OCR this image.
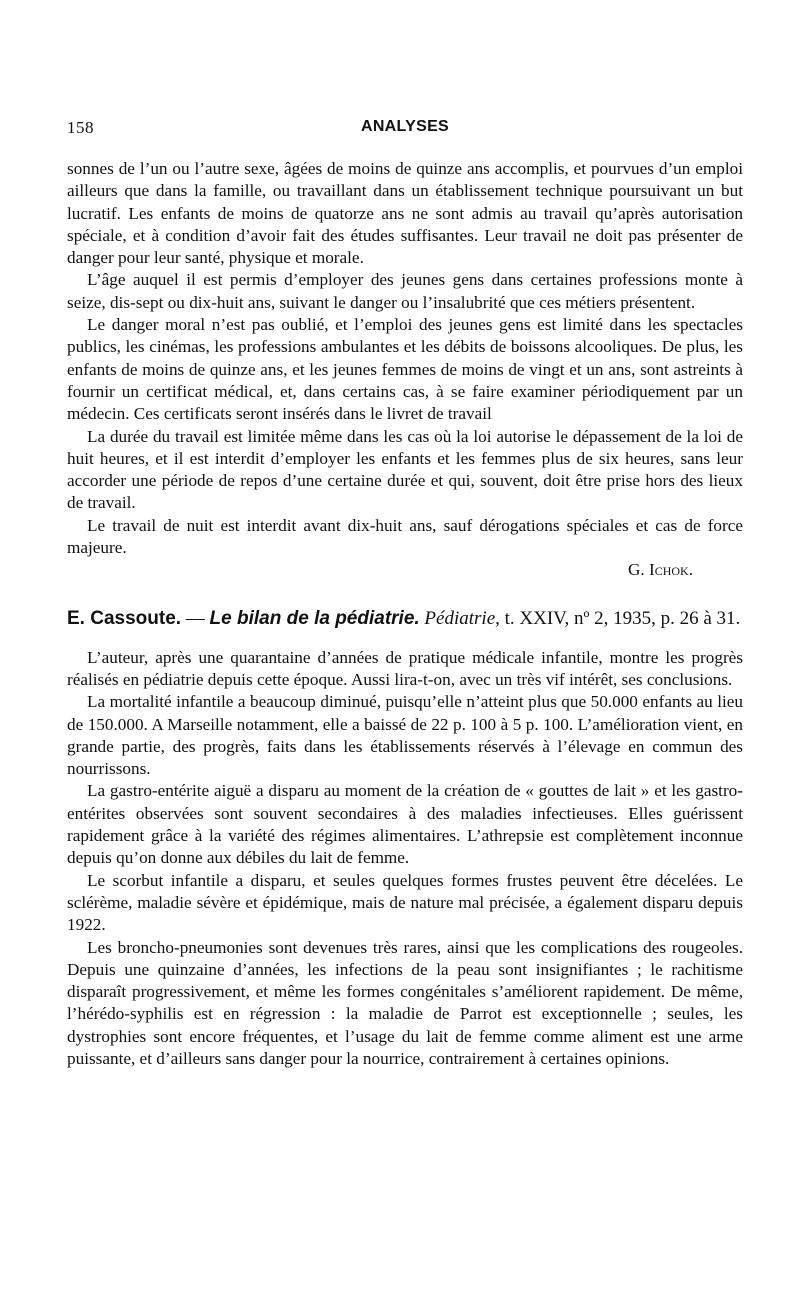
158	ANALYSES

sonnes de l’un ou l’autre sexe, âgées de moins de quinze ans accomplis, et pourvues d’un emploi ailleurs que dans la famille, ou travaillant dans un établissement technique poursuivant un but lucratif. Les enfants de moins de quatorze ans ne sont admis au travail qu’après autorisation spéciale, et à condition d’avoir fait des études suffisantes. Leur travail ne doit pas présenter de danger pour leur santé, physique et morale.

L’âge auquel il est permis d’employer des jeunes gens dans certaines professions monte à seize, dis-sept ou dix-huit ans, suivant le danger ou l’insalubrité que ces métiers présentent.

Le danger moral n’est pas oublié, et l’emploi des jeunes gens est limité dans les spectacles publics, les cinémas, les professions ambulantes et les débits de boissons alcooliques. De plus, les enfants de moins de quinze ans, et les jeunes femmes de moins de vingt et un ans, sont astreints à fournir un certificat médical, et, dans certains cas, à se faire examiner périodiquement par un médecin. Ces certificats seront insérés dans le livret de travail

La durée du travail est limitée même dans les cas où la loi autorise le dépassement de la loi de huit heures, et il est interdit d’employer les enfants et les femmes plus de six heures, sans leur accorder une période de repos d’une certaine durée et qui, souvent, doit être prise hors des lieux de travail.

Le travail de nuit est interdit avant dix-huit ans, sauf dérogations spéciales et cas de force majeure.

G. Ichok.

E. Cassoute. — Le bilan de la pédiatrie. Pédiatrie, t. XXIV, nº 2, 1935, p. 26 à 31.

L’auteur, après une quarantaine d’années de pratique médicale infantile, montre les progrès réalisés en pédiatrie depuis cette époque. Aussi lira-t-on, avec un très vif intérêt, ses conclusions.

La mortalité infantile a beaucoup diminué, puisqu’elle n’atteint plus que 50.000 enfants au lieu de 150.000. A Marseille notamment, elle a baissé de 22 p. 100 à 5 p. 100. L’amélioration vient, en grande partie, des progrès, faits dans les établissements réservés à l’élevage en commun des nourrissons.

La gastro-entérite aiguë a disparu au moment de la création de « gouttes de lait » et les gastro-entérites observées sont souvent secondaires à des maladies infectieuses. Elles guérissent rapidement grâce à la variété des régimes alimentaires. L’athrepsie est complètement inconnue depuis qu’on donne aux débiles du lait de femme.

Le scorbut infantile a disparu, et seules quelques formes frustes peuvent être décelées. Le sclérème, maladie sévère et épidémique, mais de nature mal précisée, a également disparu depuis 1922.

Les broncho-pneumonies sont devenues très rares, ainsi que les complications des rougeoles. Depuis une quinzaine d’années, les infections de la peau sont insignifiantes ; le rachitisme disparaît progressivement, et même les formes congénitales s’améliorent rapidement. De même, l’hérédo-syphilis est en régression : la maladie de Parrot est exceptionnelle ; seules, les dystrophies sont encore fréquentes, et l’usage du lait de femme comme aliment est une arme puissante, et d’ailleurs sans danger pour la nourrice, contrairement à certaines opinions.
